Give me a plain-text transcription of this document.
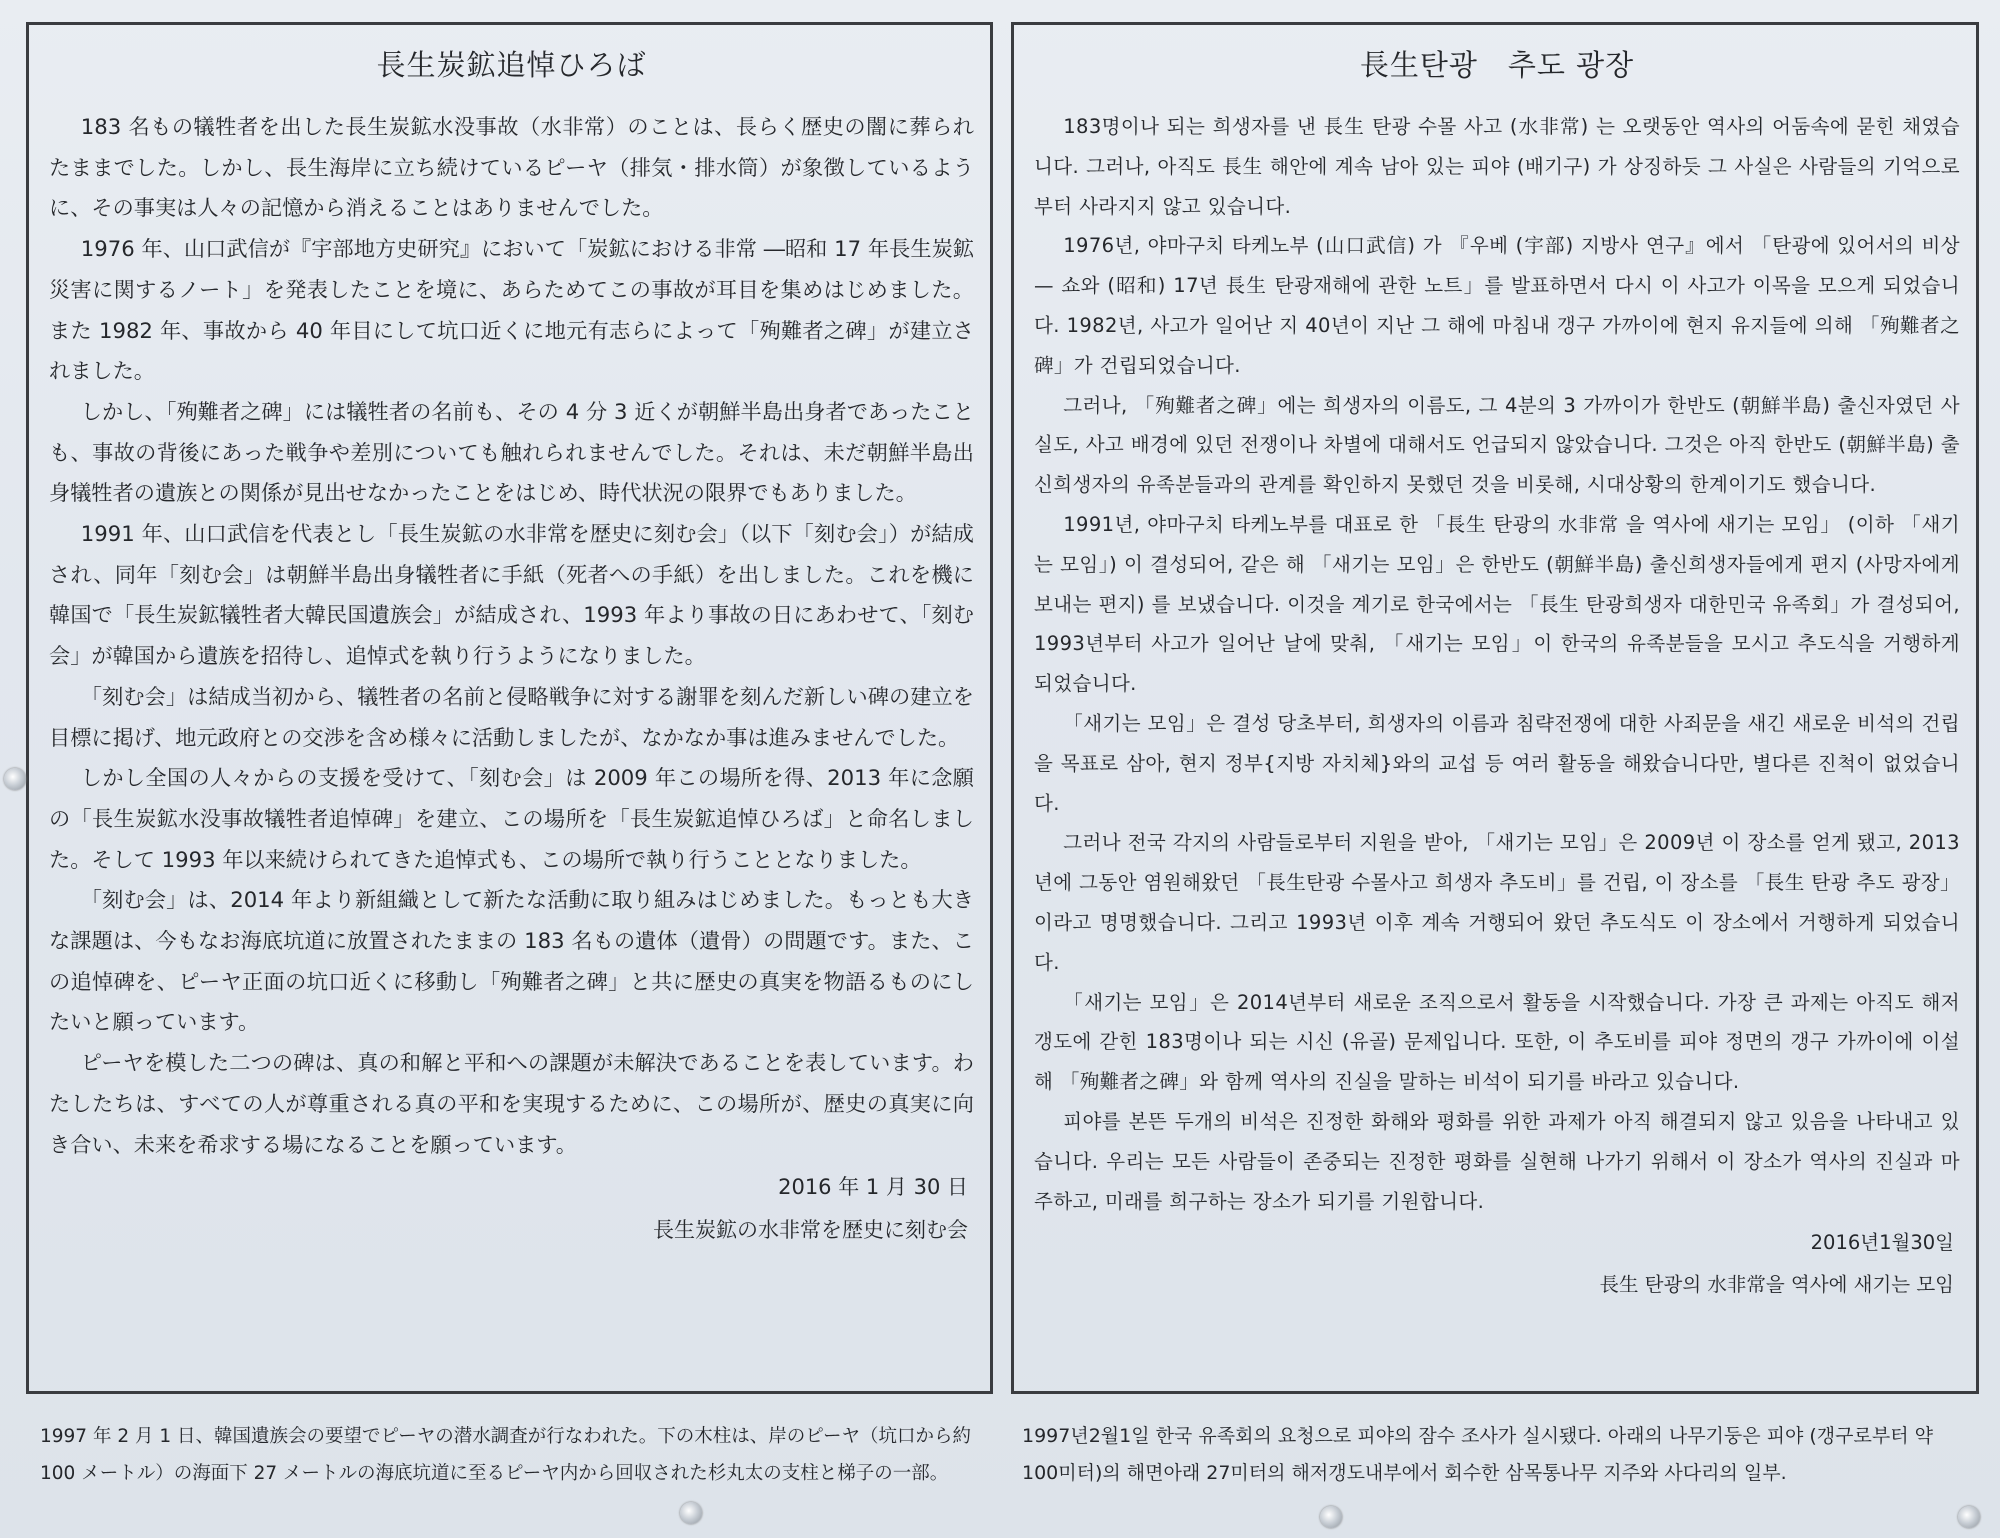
長生炭鉱追悼ひろば

183 名もの犠牲者を出した長生炭鉱水没事故（水非常）のことは、長らく歴史の闇に葬られたままでした。しかし、長生海岸に立ち続けているピーヤ（排気・排水筒）が象徴しているように、その事実は人々の記憶から消えることはありませんでした。

1976 年、山口武信が『宇部地方史研究』において「炭鉱における非常 ―昭和 17 年長生炭鉱災害に関するノート」を発表したことを境に、あらためてこの事故が耳目を集めはじめました。また 1982 年、事故から 40 年目にして坑口近くに地元有志らによって「殉難者之碑」が建立されました。

しかし、「殉難者之碑」には犠牲者の名前も、その 4 分 3 近くが朝鮮半島出身者であったことも、事故の背後にあった戦争や差別についても触れられませんでした。それは、未だ朝鮮半島出身犠牲者の遺族との関係が見出せなかったことをはじめ、時代状況の限界でもありました。

1991 年、山口武信を代表とし「長生炭鉱の水非常を歴史に刻む会」（以下「刻む会」）が結成され、同年「刻む会」は朝鮮半島出身犠牲者に手紙（死者への手紙）を出しました。これを機に韓国で「長生炭鉱犠牲者大韓民国遺族会」が結成され、1993 年より事故の日にあわせて、「刻む会」が韓国から遺族を招待し、追悼式を執り行うようになりました。

「刻む会」は結成当初から、犠牲者の名前と侵略戦争に対する謝罪を刻んだ新しい碑の建立を目標に掲げ、地元政府との交渉を含め様々に活動しましたが、なかなか事は進みませんでした。

しかし全国の人々からの支援を受けて、「刻む会」は 2009 年この場所を得、2013 年に念願の「長生炭鉱水没事故犠牲者追悼碑」を建立、この場所を「長生炭鉱追悼ひろば」と命名しました。そして 1993 年以来続けられてきた追悼式も、この場所で執り行うこととなりました。

「刻む会」は、2014 年より新組織として新たな活動に取り組みはじめました。もっとも大きな課題は、今もなお海底坑道に放置されたままの 183 名もの遺体（遺骨）の問題です。また、この追悼碑を、ピーヤ正面の坑口近くに移動し「殉難者之碑」と共に歴史の真実を物語るものにしたいと願っています。

ピーヤを模した二つの碑は、真の和解と平和への課題が未解決であることを表しています。わたしたちは、すべての人が尊重される真の平和を実現するために、この場所が、歴史の真実に向き合い、未来を希求する場になることを願っています。

2016 年 1 月 30 日
長生炭鉱の水非常を歴史に刻む会
長生탄광　추도 광장

183명이나 되는 희생자를 낸 長生 탄광 수몰 사고 (水非常) 는 오랫동안 역사의 어둠속에 묻힌 채였습니다. 그러나, 아직도 長生 해안에 계속 남아 있는 피야 (배기구) 가 상징하듯 그 사실은 사람들의 기억으로부터 사라지지 않고 있습니다.

1976년, 야마구치 타케노부 (山口武信) 가 『우베 (宇部) 지방사 연구』에서 「탄광에 있어서의 비상— 쇼와 (昭和) 17년 長生 탄광재해에 관한 노트」를 발표하면서 다시 이 사고가 이목을 모으게 되었습니다. 1982년, 사고가 일어난 지 40년이 지난 그 해에 마침내 갱구 가까이에 현지 유지들에 의해 「殉難者之碑」가 건립되었습니다.

그러나, 「殉難者之碑」에는 희생자의 이름도, 그 4분의 3 가까이가 한반도 (朝鮮半島) 출신자였던 사실도, 사고 배경에 있던 전쟁이나 차별에 대해서도 언급되지 않았습니다. 그것은 아직 한반도 (朝鮮半島) 출신희생자의 유족분들과의 관계를 확인하지 못했던 것을 비롯해, 시대상황의 한계이기도 했습니다.

1991년, 야마구치 타케노부를 대표로 한 「長生 탄광의 水非常 을 역사에 새기는 모임」 (이하 「새기는 모임」) 이 결성되어, 같은 해 「새기는 모임」은 한반도 (朝鮮半島) 출신희생자들에게 편지 (사망자에게 보내는 편지) 를 보냈습니다. 이것을 계기로 한국에서는 「長生 탄광희생자 대한민국 유족회」가 결성되어, 1993년부터 사고가 일어난 날에 맞춰, 「새기는 모임」이 한국의 유족분들을 모시고 추도식을 거행하게 되었습니다.

「새기는 모임」은 결성 당초부터, 희생자의 이름과 침략전쟁에 대한 사죄문을 새긴 새로운 비석의 건립을 목표로 삼아, 현지 정부{지방 자치체}와의 교섭 등 여러 활동을 해왔습니다만, 별다른 진척이 없었습니다.

그러나 전국 각지의 사람들로부터 지원을 받아, 「새기는 모임」은 2009년 이 장소를 얻게 됐고, 2013년에 그동안 염원해왔던 「長生탄광 수몰사고 희생자 추도비」를 건립, 이 장소를 「長生 탄광 추도 광장」이라고 명명했습니다. 그리고 1993년 이후 계속 거행되어 왔던 추도식도 이 장소에서 거행하게 되었습니다.

「새기는 모임」은 2014년부터 새로운 조직으로서 활동을 시작했습니다. 가장 큰 과제는 아직도 해저갱도에 갇힌 183명이나 되는 시신 (유골) 문제입니다. 또한, 이 추도비를 피야 정면의 갱구 가까이에 이설해 「殉難者之碑」와 함께 역사의 진실을 말하는 비석이 되기를 바라고 있습니다.

피야를 본뜬 두개의 비석은 진정한 화해와 평화를 위한 과제가 아직 해결되지 않고 있음을 나타내고 있습니다. 우리는 모든 사람들이 존중되는 진정한 평화를 실현해 나가기 위해서 이 장소가 역사의 진실과 마주하고, 미래를 희구하는 장소가 되기를 기원합니다.

2016년1월30일
長生 탄광의 水非常을 역사에 새기는 모임
1997 年 2 月 1 日、韓国遺族会の要望でピーヤの潜水調査が行なわれた。下の木柱は、岸のピーヤ（坑口から約 100 メートル）の海面下 27 メートルの海底坑道に至るピーヤ内から回収された杉丸太の支柱と梯子の一部。
1997년2월1일 한국 유족회의 요청으로 피야의 잠수 조사가 실시됐다. 아래의 나무기둥은 피야 (갱구로부터 약100미터)의 해면아래 27미터의 해저갱도내부에서 회수한 삼목통나무 지주와 사다리의 일부.
